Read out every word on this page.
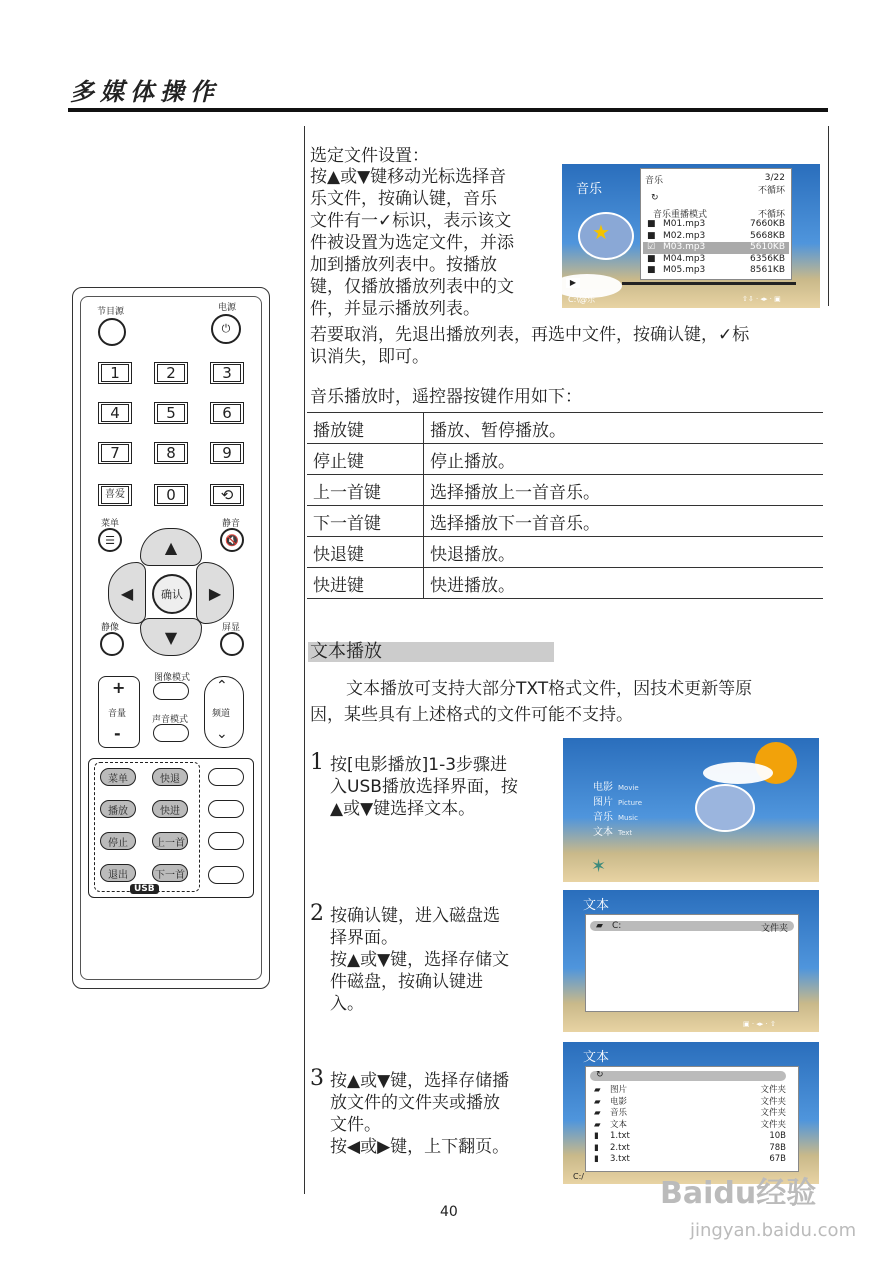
多媒体操作
选定文件设置：
按▲或▼键移动光标选择音
乐文件，按确认键，音乐
文件有一✓标识，表示该文
件被设置为选定文件，并添
加到播放列表中。按播放
键，仅播放播放列表中的文
件，并显示播放列表。
若要取消，先退出播放列表，再选中文件，按确认键，✓标
识消失，即可。
音乐播放时，遥控器按键作用如下：
音乐
★
音乐	3/22
不循环
↻
音乐重播模式	不循环
■ M01.mp3	7660KB
■ M02.mp3	5668KB
☑ M03.mp3	5610KB
■ M04.mp3	6356KB
■ M05.mp3	8561KB
▶
C:\@乐	⇧⇩ · ◂▸ · ▣
播放键	播放、暂停播放。
停止键	停止播放。
上一首键	选择播放上一首音乐。
下一首键	选择播放下一首音乐。
快退键	快退播放。
快进键	快进播放。
文本播放
文本播放可支持大部分TXT格式文件，因技术更新等原
因，某些具有上述格式的文件可能不支持。
1 按[电影播放]1-3步骤进
入USB播放选择界面，按
▲或▼键选择文本。
2 按确认键，进入磁盘选
择界面。
按▲或▼键，选择存储文
件磁盘，按确认键进
入。
3 按▲或▼键，选择存储播
放文件的文件夹或播放
文件。
按◀或▶键，上下翻页。
电影 Movie
图片 Picture
音乐 Music
文本 Text
✶
文本
▰ C:	文件夹
▣ · ◂▸ · ⇧
文本
↻
▰ 图片	文件夹
▰ 电影	文件夹
▰ 音乐	文件夹
▰ 文本	文件夹
▮ 1.txt	10B
▮ 2.txt	78B
▮ 3.txt	67B
C:/
节目源	电源
⏻
1	2	3
4	5	6
7	8	9
喜爱	0	⟲
菜单
☰
静音
🔇
▲
▼
◀	▶
确认
静像	屏显
+
音量
-
图像模式
声音模式
⌃
频道
⌄
菜单	快退
播放	快进
停止	上一首
退出	下一首
USB
40
Baidu经验
jingyan.baidu.com
